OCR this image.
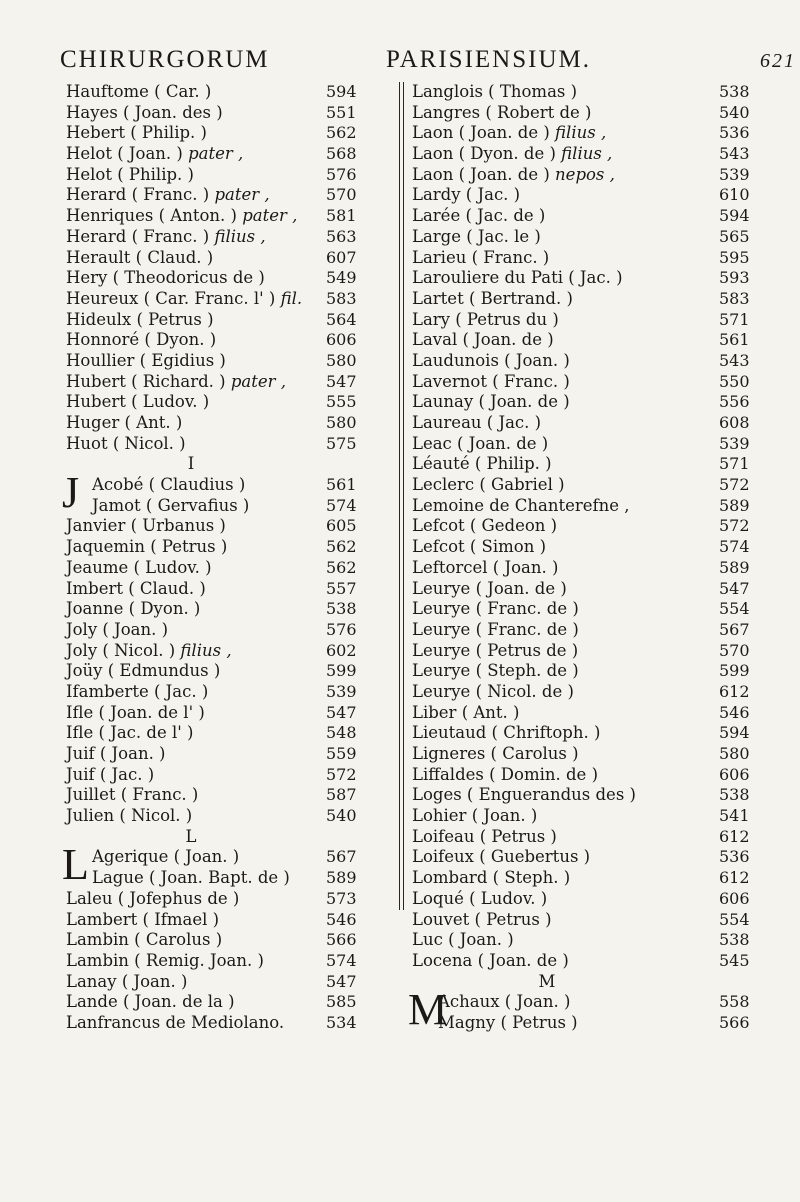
CHIRURGORUM	PARISIENSIUM.	621
Hauftome ( Car. )	594
Hayes ( Joan. des )	551
Hebert ( Philip. )	562
Helot ( Joan. ) pater ,	568
Helot ( Philip. )	576
Herard ( Franc. ) pater ,	570
Henriques ( Anton. ) pater , 581
Herard ( Franc. ) filius ,	563
Herault ( Claud. )	607
Hery ( Theodoricus de )	549
Heureux ( Car. Franc. l' ) fil. 583
Hideulx ( Petrus )	564
Honnoré ( Dyon. )	606
Houllier ( Egidius )	580
Hubert ( Richard. ) pater ,	547
Hubert ( Ludov. )	555
Huger ( Ant. )	580
Huot ( Nicol. )	575
I
J Acobé ( Claudius )	561
Jamot ( Gervafius )	574
Janvier ( Urbanus )	605
Jaquemin ( Petrus )	562
Jeaume ( Ludov. )	562
Imbert ( Claud. )	557
Joanne ( Dyon. )	538
Joly ( Joan. )	576
Joly ( Nicol. ) filius ,	602
Joüy ( Edmundus )	599
Ifamberte ( Jac. )	539
Ifle ( Joan. de l' )	547
Ifle ( Jac. de l' )	548
Juif ( Joan. )	559
Juif ( Jac. )	572
Juillet ( Franc. )	587
Julien ( Nicol. )	540
L
L Agerique ( Joan. )	567
Lague ( Joan. Bapt. de ) 589
Laleu ( Jofephus de )	573
Lambert ( Ifmael )	546
Lambin ( Carolus )	566
Lambin ( Remig. Joan. )	574
Lanay ( Joan. )	547
Lande ( Joan. de la )	585
Lanfrancus de Mediolano.	534
Langlois ( Thomas )	538
Langres ( Robert de )	540
Laon ( Joan. de ) filius ,	536
Laon ( Dyon. de ) filius ,	543
Laon ( Joan. de ) nepos ,	539
Lardy ( Jac. )	610
Larée ( Jac. de )	594
Large ( Jac. le )	565
Larieu ( Franc. )	595
Larouliere du Pati ( Jac. )	593
Lartet ( Bertrand. )	583
Lary ( Petrus du )	571
Laval ( Joan. de )	561
Laudunois ( Joan. )	543
Lavernot ( Franc. )	550
Launay ( Joan. de )	556
Laureau ( Jac. )	608
Leac ( Joan. de )	539
Léauté ( Philip. )	571
Leclerc ( Gabriel )	572
Lemoine de Chanterefne ,	589
Lefcot ( Gedeon )	572
Lefcot ( Simon )	574
Leftorcel ( Joan. )	589
Leurye ( Joan. de )	547
Leurye ( Franc. de )	554
Leurye ( Franc. de )	567
Leurye ( Petrus de )	570
Leurye ( Steph. de )	599
Leurye ( Nicol. de )	612
Liber ( Ant. )	546
Lieutaud ( Chriftoph. )	594
Ligneres ( Carolus )	580
Liffaldes ( Domin. de )	606
Loges ( Enguerandus des )	538
Lohier ( Joan. )	541
Loifeau ( Petrus )	612
Loifeux ( Guebertus )	536
Lombard ( Steph. )	612
Loqué ( Ludov. )	606
Louvet ( Petrus )	554
Luc ( Joan. )	538
Locena ( Joan. de )	545
M
M
Achaux ( Joan. )	558
Magny ( Petrus )	566
